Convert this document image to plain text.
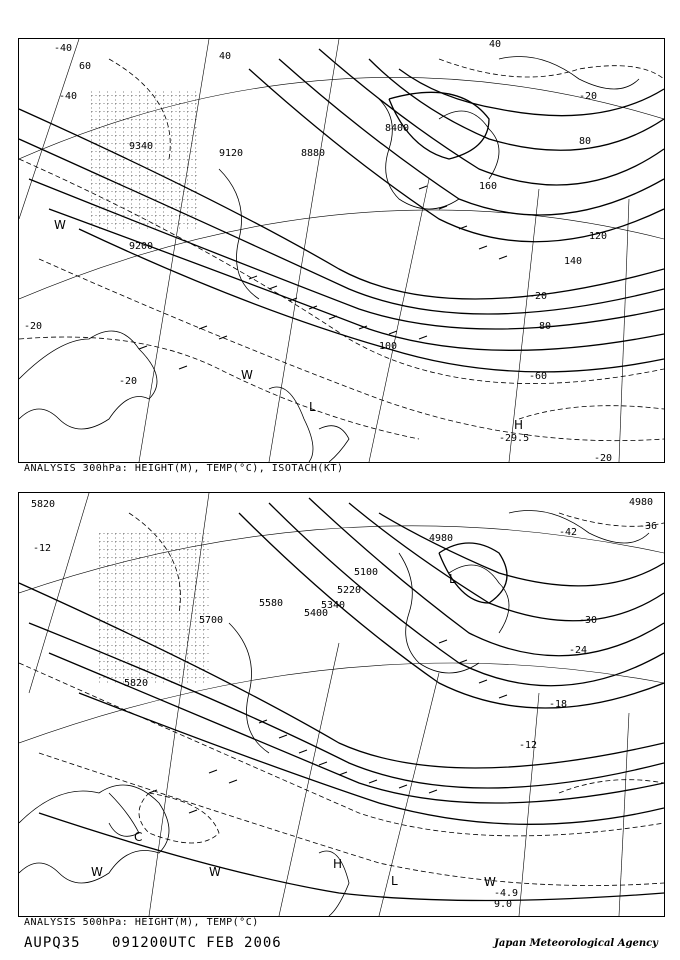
9340
9120	8880
8400
9200
40
80
80
100
120
140
160
40
60
-40
-40	-20
-20
-20
-60
-20
-20
H
W
W
L
-29.5
ANALYSIS 300hPa: HEIGHT(M), TEMP(°C), ISOTACH(KT)
5820
5820
5700
5580
5400
5340
5220
5100
4980
4980
-12
-42
-36
-30
-24
-18
-12
L
W	W
W
H
L
C
-4.9
9.0
ANALYSIS 500hPa: HEIGHT(M), TEMP(°C)
AUPQ35 091200UTC FEB 2006	Japan Meteorological Agency
